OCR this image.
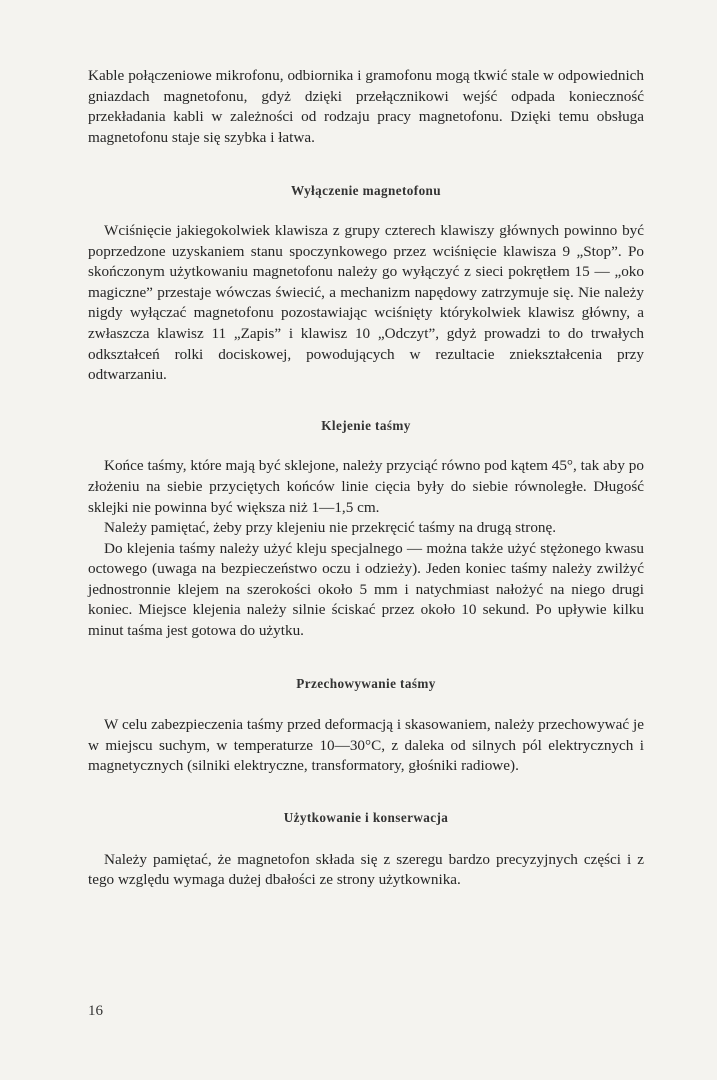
Kable połączeniowe mikrofonu, odbiornika i gramofonu mogą tkwić stale w odpowiednich gniazdach magnetofonu, gdyż dzięki przełącznikowi wejść odpada konieczność przekładania kabli w zależności od rodzaju pracy magnetofonu. Dzięki temu obsługa magnetofonu staje się szybka i łatwa.

Wyłączenie magnetofonu

Wciśnięcie jakiegokolwiek klawisza z grupy czterech klawiszy głównych powinno być poprzedzone uzyskaniem stanu spoczynkowego przez wciśnięcie klawisza 9 „Stop”. Po skończonym użytkowaniu magnetofonu należy go wyłączyć z sieci pokrętłem 15 — „oko magiczne” przestaje wówczas świecić, a mechanizm napędowy zatrzymuje się. Nie należy nigdy wyłączać magnetofonu pozostawiając wciśnięty którykolwiek klawisz główny, a zwłaszcza klawisz 11 „Zapis” i klawisz 10 „Odczyt”, gdyż prowadzi to do trwałych odkształceń rolki dociskowej, powodujących w rezultacie zniekształcenia przy odtwarzaniu.

Klejenie taśmy

Końce taśmy, które mają być sklejone, należy przyciąć równo pod kątem 45°, tak aby po złożeniu na siebie przyciętych końców linie cięcia były do siebie równoległe. Długość sklejki nie powinna być większa niż 1—1,5 cm.

Należy pamiętać, żeby przy klejeniu nie przekręcić taśmy na drugą stronę.

Do klejenia taśmy należy użyć kleju specjalnego — można także użyć stężonego kwasu octowego (uwaga na bezpieczeństwo oczu i odzieży). Jeden koniec taśmy należy zwilżyć jednostronnie klejem na szerokości około 5 mm i natychmiast nałożyć na niego drugi koniec. Miejsce klejenia należy silnie ściskać przez około 10 sekund. Po upływie kilku minut taśma jest gotowa do użytku.

Przechowywanie taśmy

W celu zabezpieczenia taśmy przed deformacją i skasowaniem, należy przechowywać je w miejscu suchym, w temperaturze 10—30°C, z daleka od silnych pól elektrycznych i magnetycznych (silniki elektryczne, transformatory, głośniki radiowe).

Użytkowanie i konserwacja

Należy pamiętać, że magnetofon składa się z szeregu bardzo precyzyjnych części i z tego względu wymaga dużej dbałości ze strony użytkownika.

16
